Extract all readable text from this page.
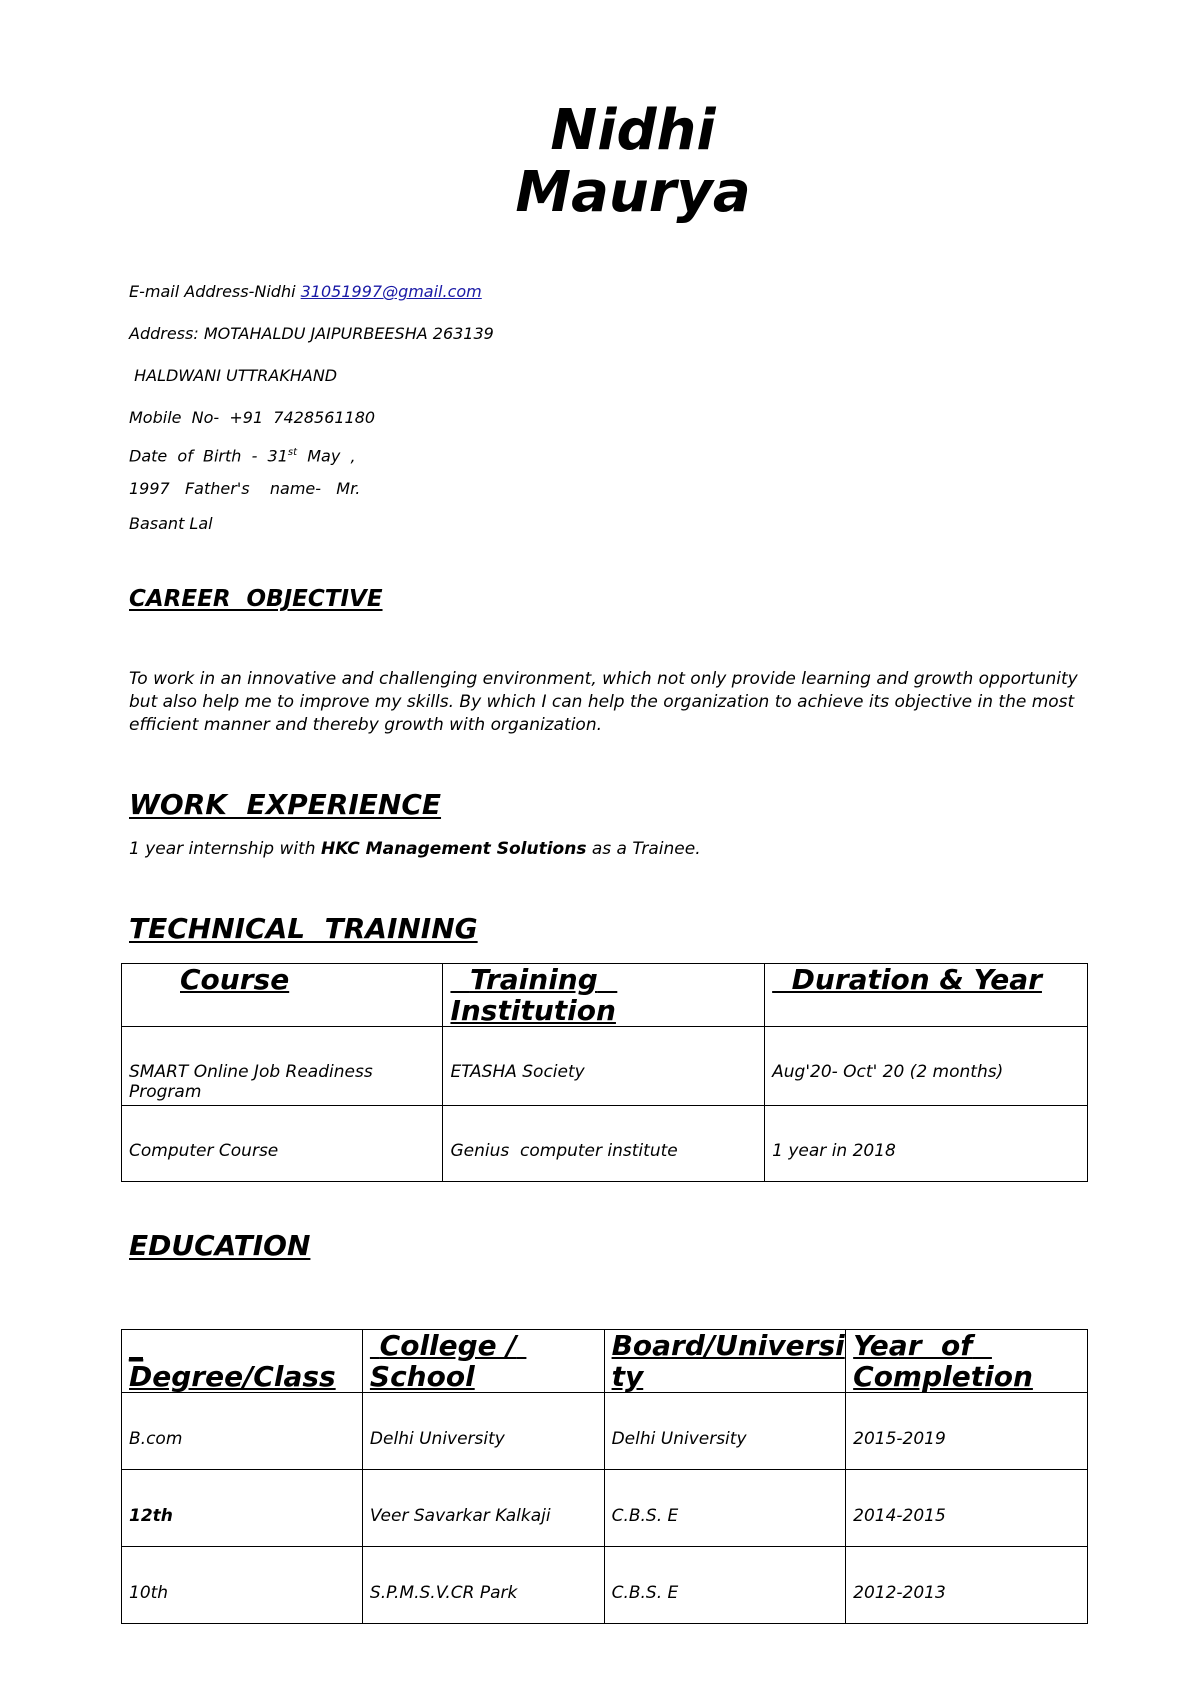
Nidhi
Maurya
E-mail Address-Nidhi 31051997@gmail.com
Address: MOTAHALDU JAIPURBEESHA 263139
HALDWANI UTTRAKHAND
Mobile  No-  +91  7428561180
Date  of  Birth  -  31st  May  ,
1997   Father's    name-   Mr.
Basant Lal
CAREER  OBJECTIVE
To work in an innovative and challenging environment, which not only provide learning and growth opportunity but also help me to improve my skills. By which I can help the organization to achieve its objective in the most efficient manner and thereby growth with organization.
WORK  EXPERIENCE
1 year internship with HKC Management Solutions as a Trainee.
TECHNICAL  TRAINING
Course	Training  Institution	Duration & Year
SMART Online Job Readiness Program	ETASHA Society	Aug'20- Oct' 20 (2 months)
Computer Course	Genius  computer institute	1 year in 2018
EDUCATION
_
Degree/Class	College / School	Board/University	Year  of  Completion
B.com	Delhi University	Delhi University	2015-2019
12th	Veer Savarkar Kalkaji	C.B.S. E	2014-2015
10th	S.P.M.S.V.CR Park	C.B.S. E	2012-2013
